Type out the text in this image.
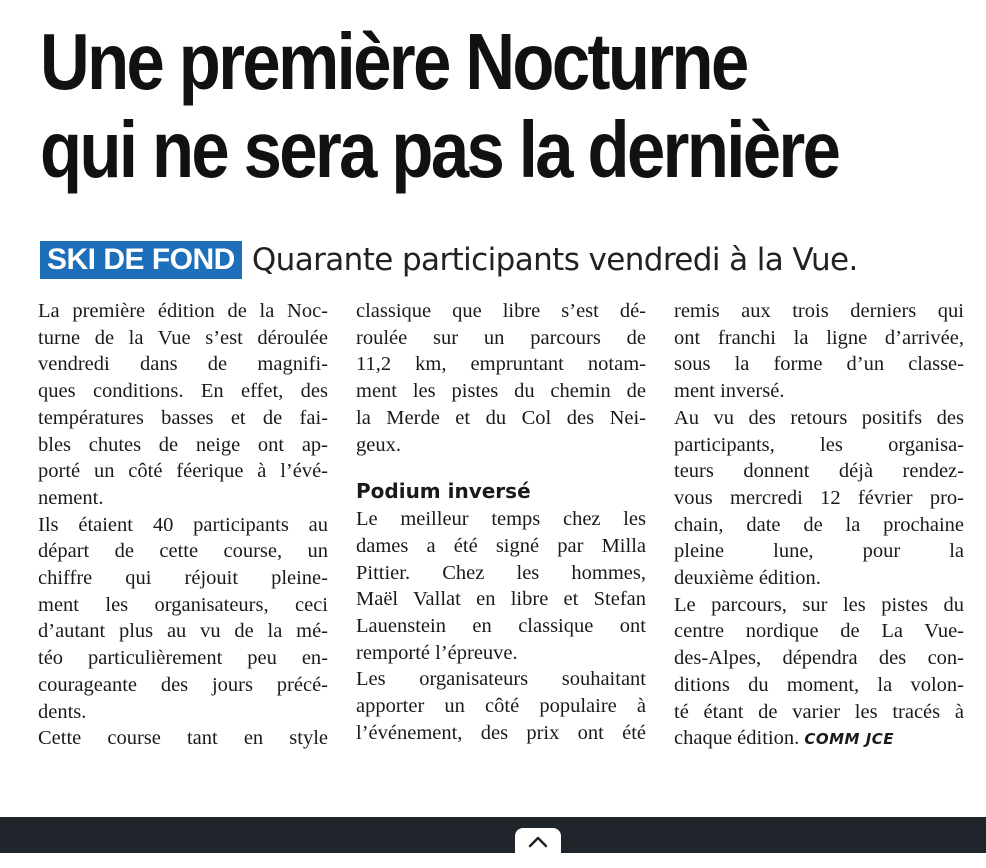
Une première Nocturne
qui ne sera pas la dernière
SKI DE FOND Quarante participants vendredi à la Vue.

La première édition de la Noc-
turne de la Vue s’est déroulée
vendredi dans de magnifi-
ques conditions. En effet, des
températures basses et de fai-
bles chutes de neige ont ap-
porté un côté féerique à l’évé-
nement.
Ils étaient 40 participants au
départ de cette course, un
chiffre qui réjouit pleine-
ment les organisateurs, ceci
d’autant plus au vu de la mé-
téo particulièrement peu en-
courageante des jours précé-
dents.
Cette course tant en style

classique que libre s’est dé-
roulée sur un parcours de
11,2 km, empruntant notam-
ment les pistes du chemin de
la Merde et du Col des Nei-
geux.

Podium inversé

Le meilleur temps chez les
dames a été signé par Milla
Pittier. Chez les hommes,
Maël Vallat en libre et Stefan
Lauenstein en classique ont
remporté l’épreuve.
Les organisateurs souhaitant
apporter un côté populaire à
l’événement, des prix ont été

remis aux trois derniers qui
ont franchi la ligne d’arrivée,
sous la forme d’un classe-
ment inversé.
Au vu des retours positifs des
participants, les organisa-
teurs donnent déjà rendez-
vous mercredi 12 février pro-
chain, date de la prochaine
pleine lune, pour la
deuxième édition.
Le parcours, sur les pistes du
centre nordique de La Vue-
des-Alpes, dépendra des con-
ditions du moment, la volon-
té étant de varier les tracés à
chaque édition. COMM JCE
